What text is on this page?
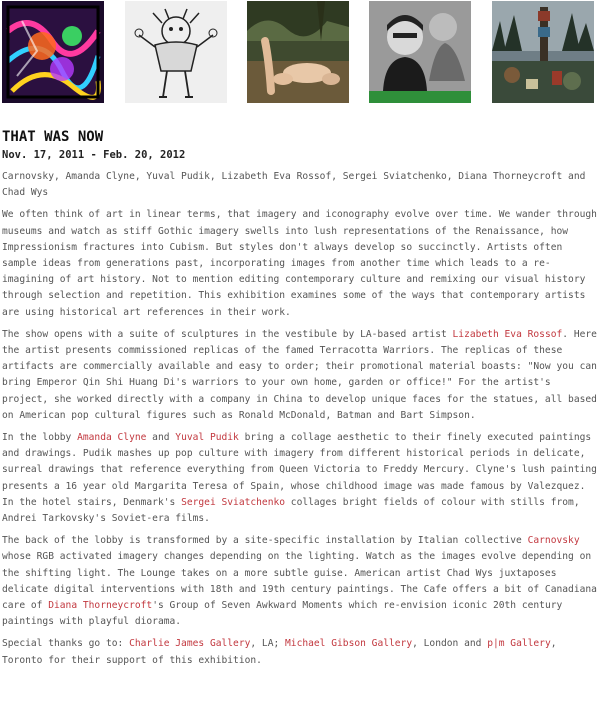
THAT WAS NOW
Nov. 17, 2011 - Feb. 20, 2012

Carnovsky, Amanda Clyne, Yuval Pudik, Lizabeth Eva Rossof, Sergei Sviatchenko, Diana Thorneycroft and Chad Wys

We often think of art in linear terms, that imagery and iconography evolve over time. We wander through museums and watch as stiff Gothic imagery swells into lush representations of the Renaissance, how Impressionism fractures into Cubism. But styles don't always develop so succinctly. Artists often sample ideas from generations past, incorporating images from another time which leads to a re-imagining of art history. Not to mention editing contemporary culture and remixing our visual history through selection and repetition. This exhibition examines some of the ways that contemporary artists are using historical art references in their work.

The show opens with a suite of sculptures in the vestibule by LA-based artist Lizabeth Eva Rossof. Here the artist presents commissioned replicas of the famed Terracotta Warriors. The replicas of these artifacts are commercially available and easy to order; their promotional material boasts: "Now you can bring Emperor Qin Shi Huang Di's warriors to your own home, garden or office!" For the artist's project, she worked directly with a company in China to develop unique faces for the statues, all based on American pop cultural figures such as Ronald McDonald, Batman and Bart Simpson.

In the lobby Amanda Clyne and Yuval Pudik bring a collage aesthetic to their finely executed paintings and drawings. Pudik mashes up pop culture with imagery from different historical periods in delicate, surreal drawings that reference everything from Queen Victoria to Freddy Mercury. Clyne's lush painting presents a 16 year old Margarita Teresa of Spain, whose childhood image was made famous by Valezquez. In the hotel stairs, Denmark's Sergei Sviatchenko collages bright fields of colour with stills from, Andrei Tarkovsky's Soviet-era films.

The back of the lobby is transformed by a site-specific installation by Italian collective Carnovsky whose RGB activated imagery changes depending on the lighting. Watch as the images evolve depending on the shifting light. The Lounge takes on a more subtle guise. American artist Chad Wys juxtaposes delicate digital interventions with 18th and 19th century paintings. The Cafe offers a bit of Canadiana care of Diana Thorneycroft's Group of Seven Awkward Moments which re-envision iconic 20th century paintings with playful diorama.

Special thanks go to: Charlie James Gallery, LA; Michael Gibson Gallery, London and p|m Gallery, Toronto for their support of this exhibition.
